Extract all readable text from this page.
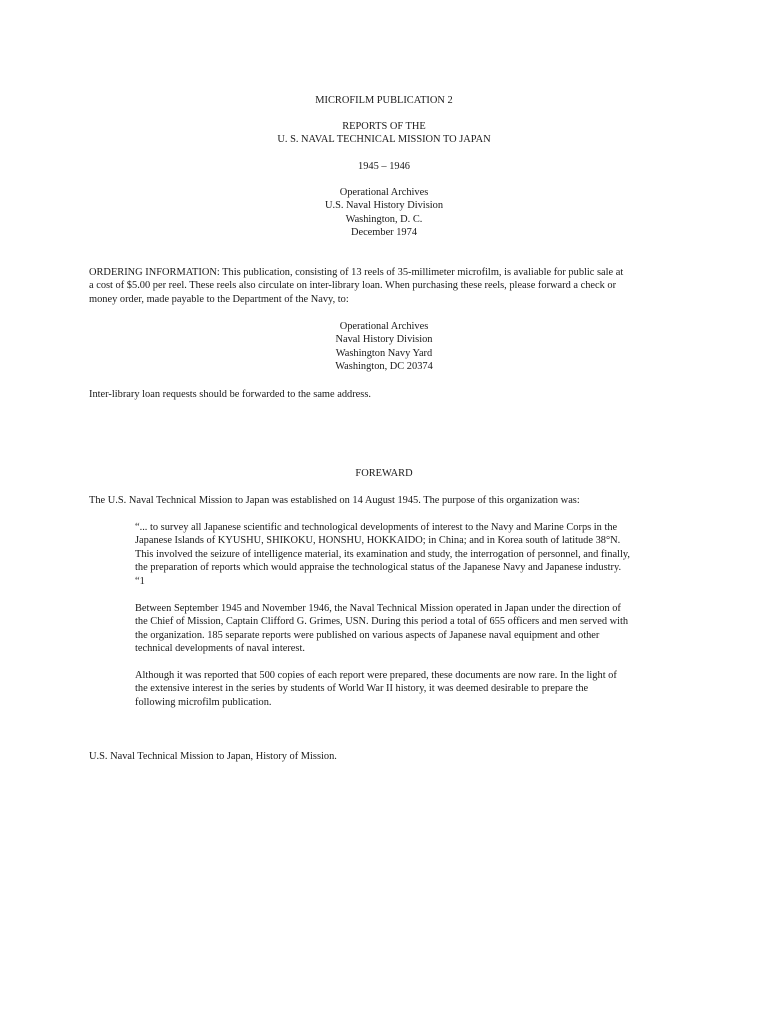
MICROFILM PUBLICATION 2
REPORTS OF THE
U. S. NAVAL TECHNICAL MISSION TO JAPAN
1945 – 1946
Operational Archives
U.S. Naval History Division
Washington, D. C.
December 1974
ORDERING INFORMATION: This publication, consisting of 13 reels of 35-millimeter microfilm, is avaliable for public sale at
a cost of $5.00 per reel. These reels also circulate on inter-library loan. When purchasing these reels, please forward a check or
money order, made payable to the Department of the Navy, to:
Operational Archives
Naval History Division
Washington Navy Yard
Washington, DC 20374
Inter-library loan requests should be forwarded to the same address.
FOREWARD
The U.S. Naval Technical Mission to Japan was established on 14 August 1945. The purpose of this organization was:
“... to survey all Japanese scientific and technological developments of interest to the Navy and Marine Corps in the
Japanese Islands of KYUSHU, SHIKOKU, HONSHU, HOKKAIDO; in China; and in Korea south of latitude 38°N.
This involved the seizure of intelligence material, its examination and study, the interrogation of personnel, and finally,
the preparation of reports which would appraise the technological status of the Japanese Navy and Japanese industry.
“1
Between September 1945 and November 1946, the Naval Technical Mission operated in Japan under the direction of
the Chief of Mission, Captain Clifford G. Grimes, USN. During this period a total of 655 officers and men served with
the organization. 185 separate reports were published on various aspects of Japanese naval equipment and other
technical developments of naval interest.
Although it was reported that 500 copies of each report were prepared, these documents are now rare. In the light of
the extensive interest in the series by students of World War II history, it was deemed desirable to prepare the
following microfilm publication.
U.S. Naval Technical Mission to Japan, History of Mission.
